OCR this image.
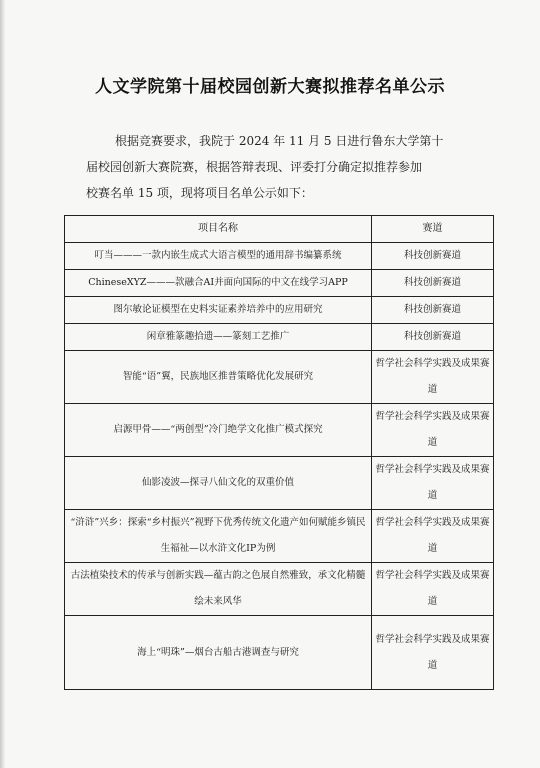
人文学院第十届校园创新大赛拟推荐名单公示
根据竞赛要求，我院于 2024 年 11 月 5 日进行鲁东大学第十
届校园创新大赛院赛，根据答辩表现、评委打分确定拟推荐参加
校赛名单 15 项，现将项目名单公示如下：
项目名称	赛道
叮当———一款内嵌生成式大语言模型的通用辞书编纂系统	科技创新赛道
ChineseXYZ———款融合AI并面向国际的中文在线学习APP	科技创新赛道
图尔敏论证模型在史料实证素养培养中的应用研究	科技创新赛道
闲章雅篆趣拾遗——篆刻工艺推广	科技创新赛道
智能“语”翼，民族地区推普策略优化发展研究	哲学社会科学实践及成果赛道
启源甲骨——“两创型”冷门绝学文化推广模式探究	哲学社会科学实践及成果赛道
仙影凌波—探寻八仙文化的双重价值	哲学社会科学实践及成果赛道
“浒浒”兴乡：探索“乡村振兴”视野下优秀传统文化遗产如何赋能乡镇民生福祉—以水浒文化IP为例	哲学社会科学实践及成果赛道
古法植染技术的传承与创新实践—蕴古韵之色展自然雅致，承文化精髓绘未来风华	哲学社会科学实践及成果赛道
海上“明珠”—烟台古船古港调查与研究	哲学社会科学实践及成果赛道
